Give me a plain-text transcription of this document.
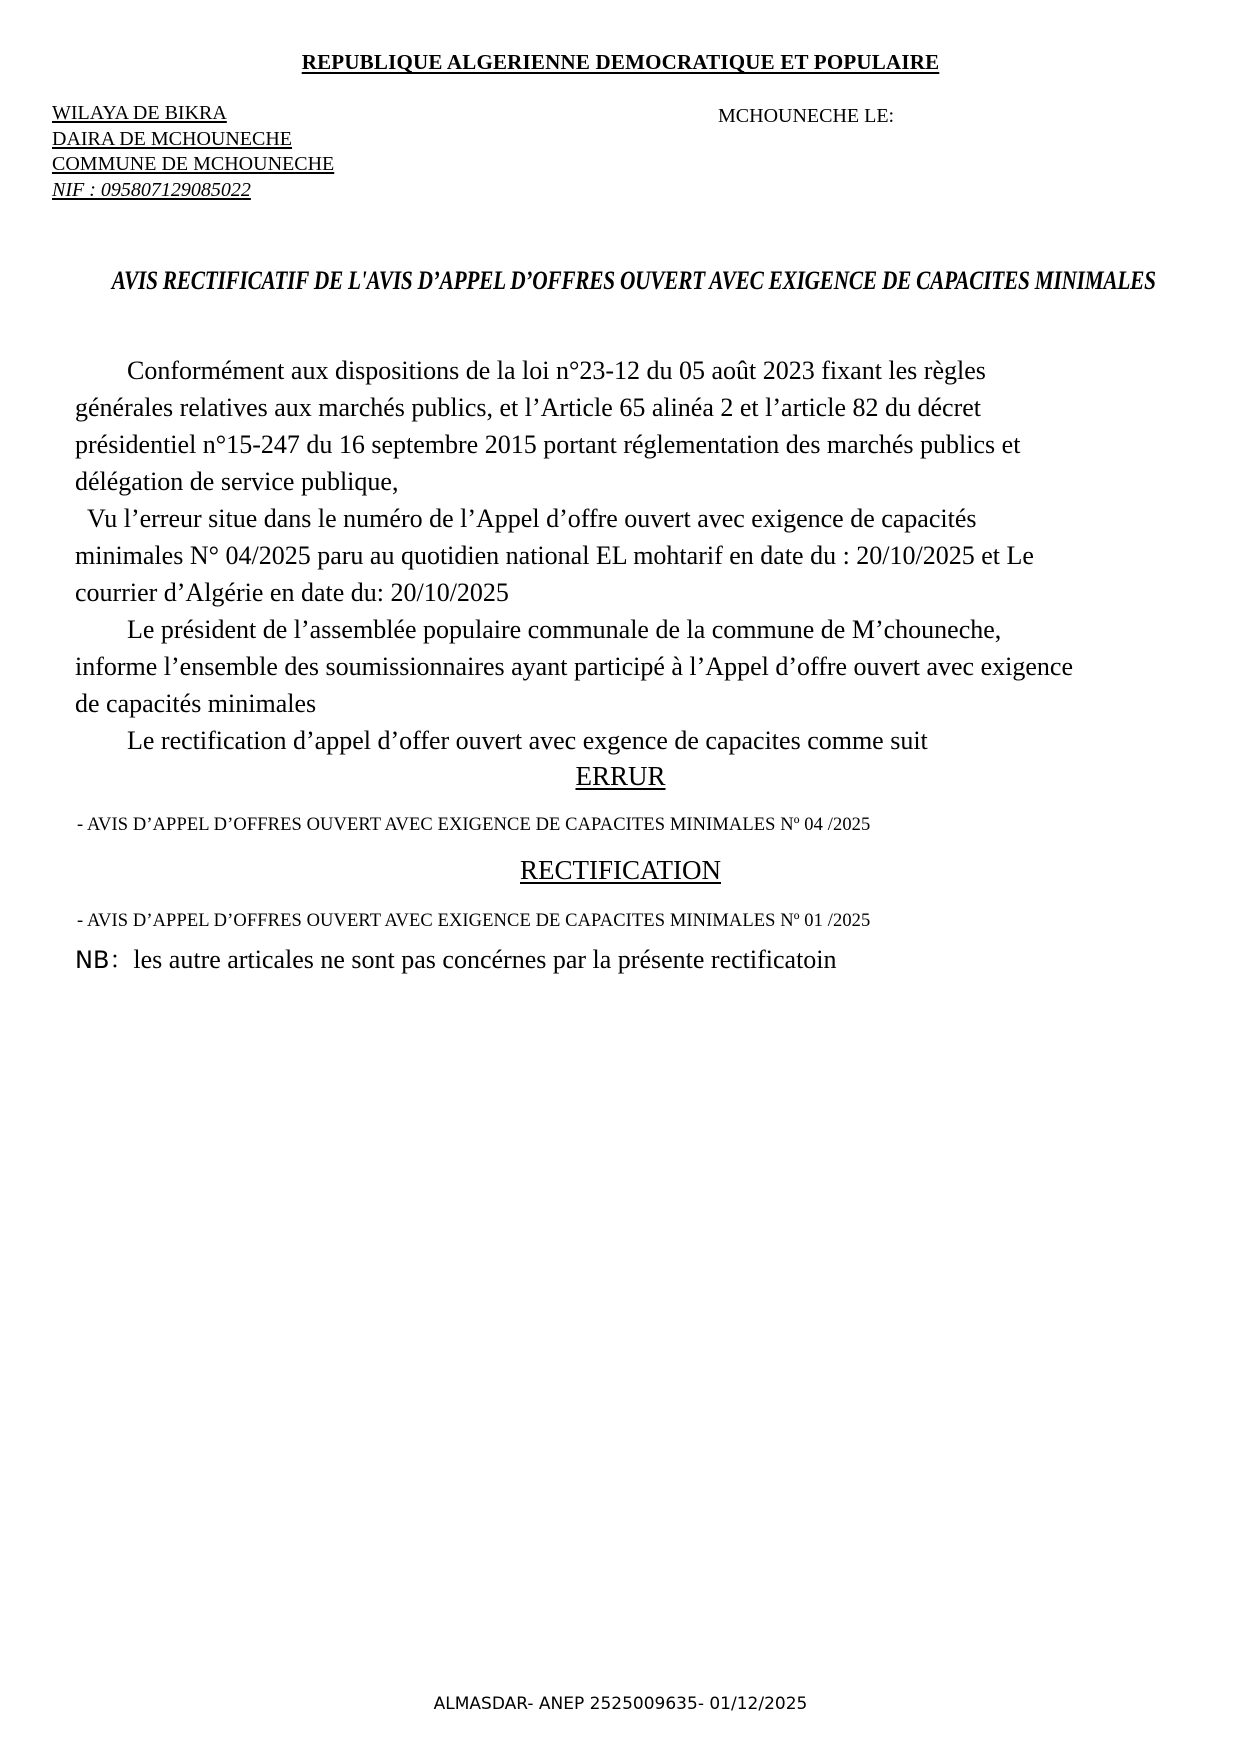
REPUBLIQUE ALGERIENNE DEMOCRATIQUE ET POPULAIRE
WILAYA DE BIKRA
DAIRA DE MCHOUNECHE
COMMUNE DE MCHOUNECHE
NIF : 095807129085022
MCHOUNECHE LE:
AVIS RECTIFICATIF DE L'AVIS D’APPEL D’OFFRES OUVERT AVEC EXIGENCE DE CAPACITES MINIMALES

Conformément aux dispositions de la loi n°23-12 du 05 août 2023 fixant les règles générales relatives aux marchés publics, et l’Article 65 alinéa 2 et l’article 82 du décret présidentiel n°15-247 du 16 septembre 2015 portant réglementation des marchés publics et délégation de service publique,

Vu l’erreur situe dans le numéro de l’Appel d’offre ouvert avec exigence de capacités minimales N° 04/2025 paru au quotidien national EL mohtarif en date du : 20/10/2025 et Le courrier d’Algérie en date du: 20/10/2025

Le président de l’assemblée populaire communale de la commune de M’chouneche, informe l’ensemble des soumissionnaires ayant participé à l’Appel d’offre ouvert avec exigence de capacités minimales

Le rectification d’appel d’offer ouvert avec exgence de capacites comme suit

ERRUR
- AVIS D’APPEL D’OFFRES OUVERT AVEC EXIGENCE DE CAPACITES MINIMALES Nº 04 /2025
RECTIFICATION
- AVIS D’APPEL D’OFFRES OUVERT AVEC EXIGENCE DE CAPACITES MINIMALES Nº 01 /2025
NB：les autre articales ne sont pas concérnes par la présente rectificatoin
ALMASDAR- ANEP 2525009635- 01/12/2025
